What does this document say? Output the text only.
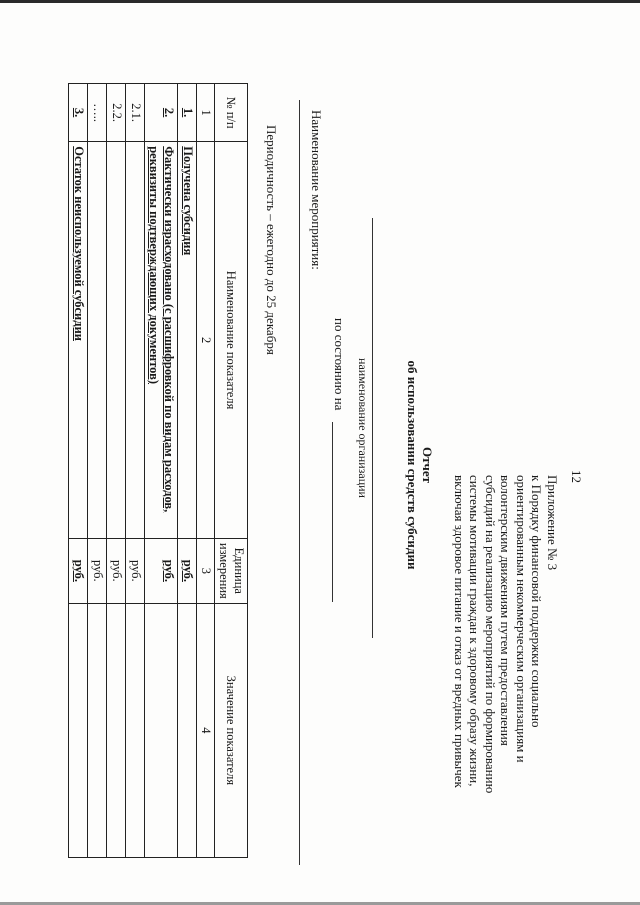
12
Приложение № 3
к Порядку финансовой поддержки социально
ориентированным некоммерческим организациям и
волонтерским движениям путем предоставления
субсидий на реализацию мероприятий по формированию
системы мотивации граждан к здоровому образу жизни,
включая здоровое питание и отказ от вредных привычек
Отчет
об использовании средств субсидии
наименование организации
по состоянию на
Наименование мероприятия:
Периодичность – ежегодно до 25 декабря
№ п/п	Наименование показателя	Единица измерения	Значение показателя
1	2	3	4
1.	Получена субсидия	руб.	
2.	Фактически израсходовано (с расшифровкой по видам расходов, реквизиты подтверждающих документов)	руб.	
2.1.		руб.	
2.2.		руб.	
…..		руб.	
3.	Остаток неиспользуемой субсидии	руб.	
